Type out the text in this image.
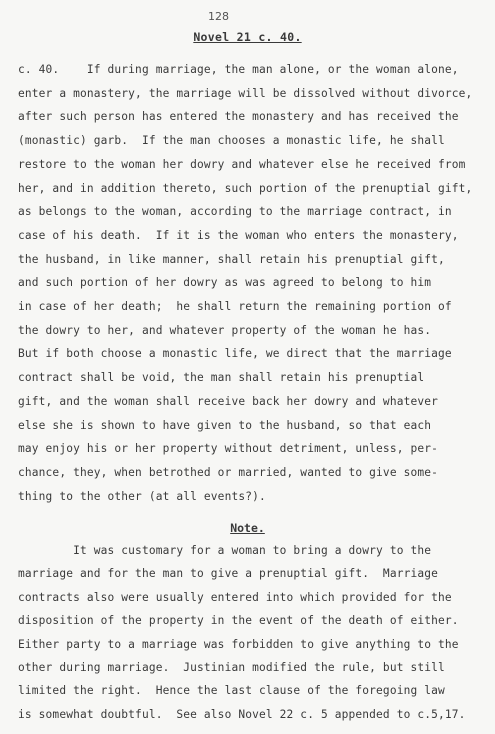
128
Novel 21 c. 40.
c. 40.    If during marriage, the man alone, or the woman alone,
enter a monastery, the marriage will be dissolved without divorce,
after such person has entered the monastery and has received the
(monastic) garb.  If the man chooses a monastic life, he shall
restore to the woman her dowry and whatever else he received from
her, and in addition thereto, such portion of the prenuptial gift,
as belongs to the woman, according to the marriage contract, in
case of his death.  If it is the woman who enters the monastery,
the husband, in like manner, shall retain his prenuptial gift,
and such portion of her dowry as was agreed to belong to him
in case of her death;  he shall return the remaining portion of
the dowry to her, and whatever property of the woman he has.
But if both choose a monastic life, we direct that the marriage
contract shall be void, the man shall retain his prenuptial
gift, and the woman shall receive back her dowry and whatever
else she is shown to have given to the husband, so that each
may enjoy his or her property without detriment, unless, per-
chance, they, when betrothed or married, wanted to give some-
thing to the other (at all events?).
Note.
It was customary for a woman to bring a dowry to the
marriage and for the man to give a prenuptial gift.  Marriage
contracts also were usually entered into which provided for the
disposition of the property in the event of the death of either.
Either party to a marriage was forbidden to give anything to the
other during marriage.  Justinian modified the rule, but still
limited the right.  Hence the last clause of the foregoing law
is somewhat doubtful.  See also Novel 22 c. 5 appended to c.5,17.
